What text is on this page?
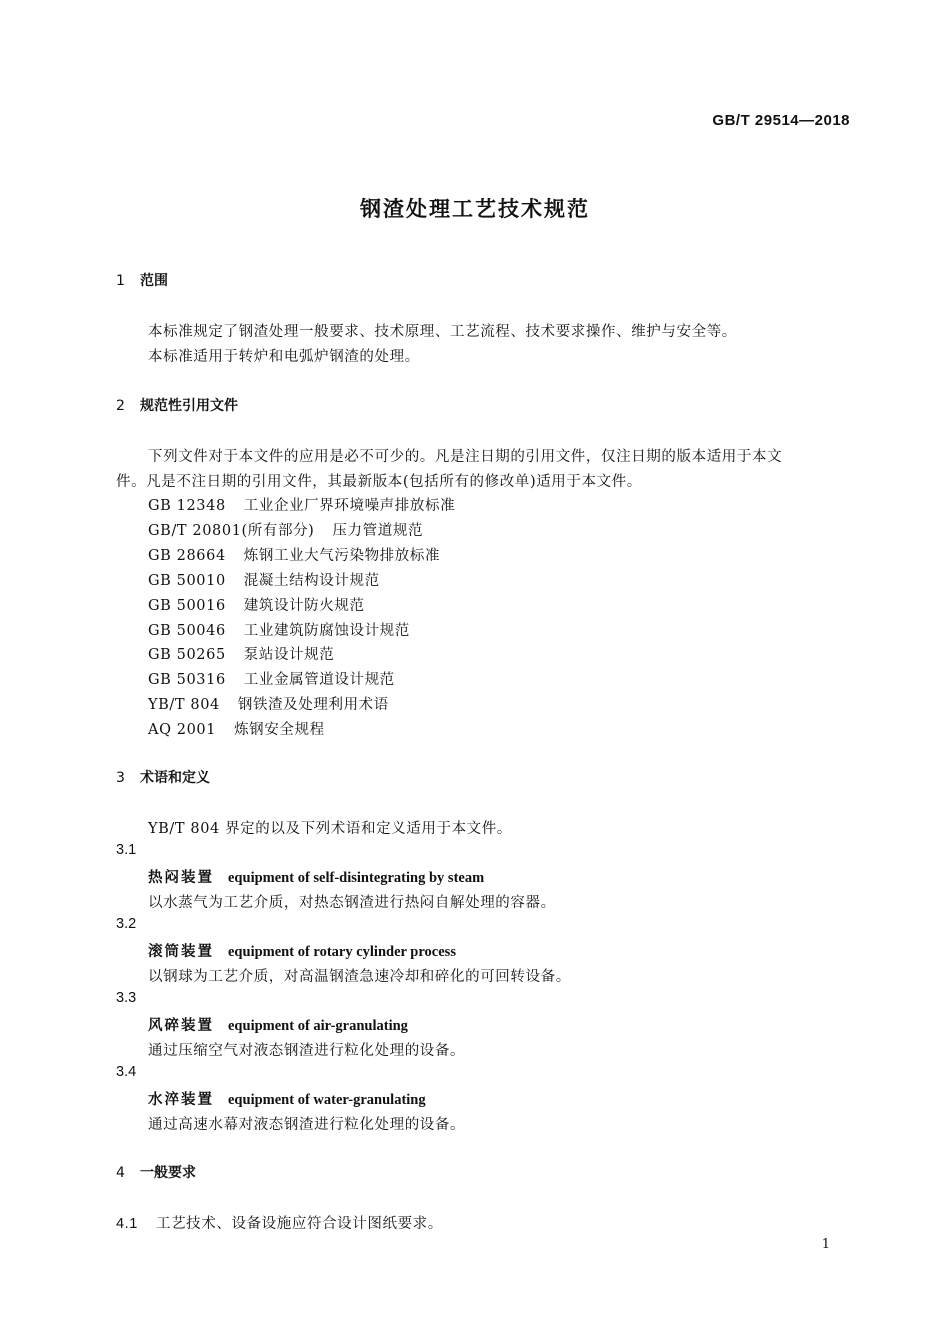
GB/T 29514—2018
钢渣处理工艺技术规范
1 范围
本标准规定了钢渣处理一般要求、技术原理、工艺流程、技术要求操作、维护与安全等。
本标准适用于转炉和电弧炉钢渣的处理。
2 规范性引用文件
下列文件对于本文件的应用是必不可少的。凡是注日期的引用文件，仅注日期的版本适用于本文
件。凡是不注日期的引用文件，其最新版本(包括所有的修改单)适用于本文件。
GB 12348 工业企业厂界环境噪声排放标准
GB/T 20801(所有部分) 压力管道规范
GB 28664 炼钢工业大气污染物排放标准
GB 50010 混凝土结构设计规范
GB 50016 建筑设计防火规范
GB 50046 工业建筑防腐蚀设计规范
GB 50265 泵站设计规范
GB 50316 工业金属管道设计规范
YB/T 804 钢铁渣及处理利用术语
AQ 2001 炼钢安全规程
3 术语和定义
YB/T 804 界定的以及下列术语和定义适用于本文件。
3.1
热闷装置 equipment of self-disintegrating by steam
以水蒸气为工艺介质，对热态钢渣进行热闷自解处理的容器。
3.2
滚筒装置 equipment of rotary cylinder process
以钢球为工艺介质，对高温钢渣急速冷却和碎化的可回转设备。
3.3
风碎装置 equipment of air-granulating
通过压缩空气对液态钢渣进行粒化处理的设备。
3.4
水淬装置 equipment of water-granulating
通过高速水幕对液态钢渣进行粒化处理的设备。
4 一般要求
4.1 工艺技术、设备设施应符合设计图纸要求。
1
